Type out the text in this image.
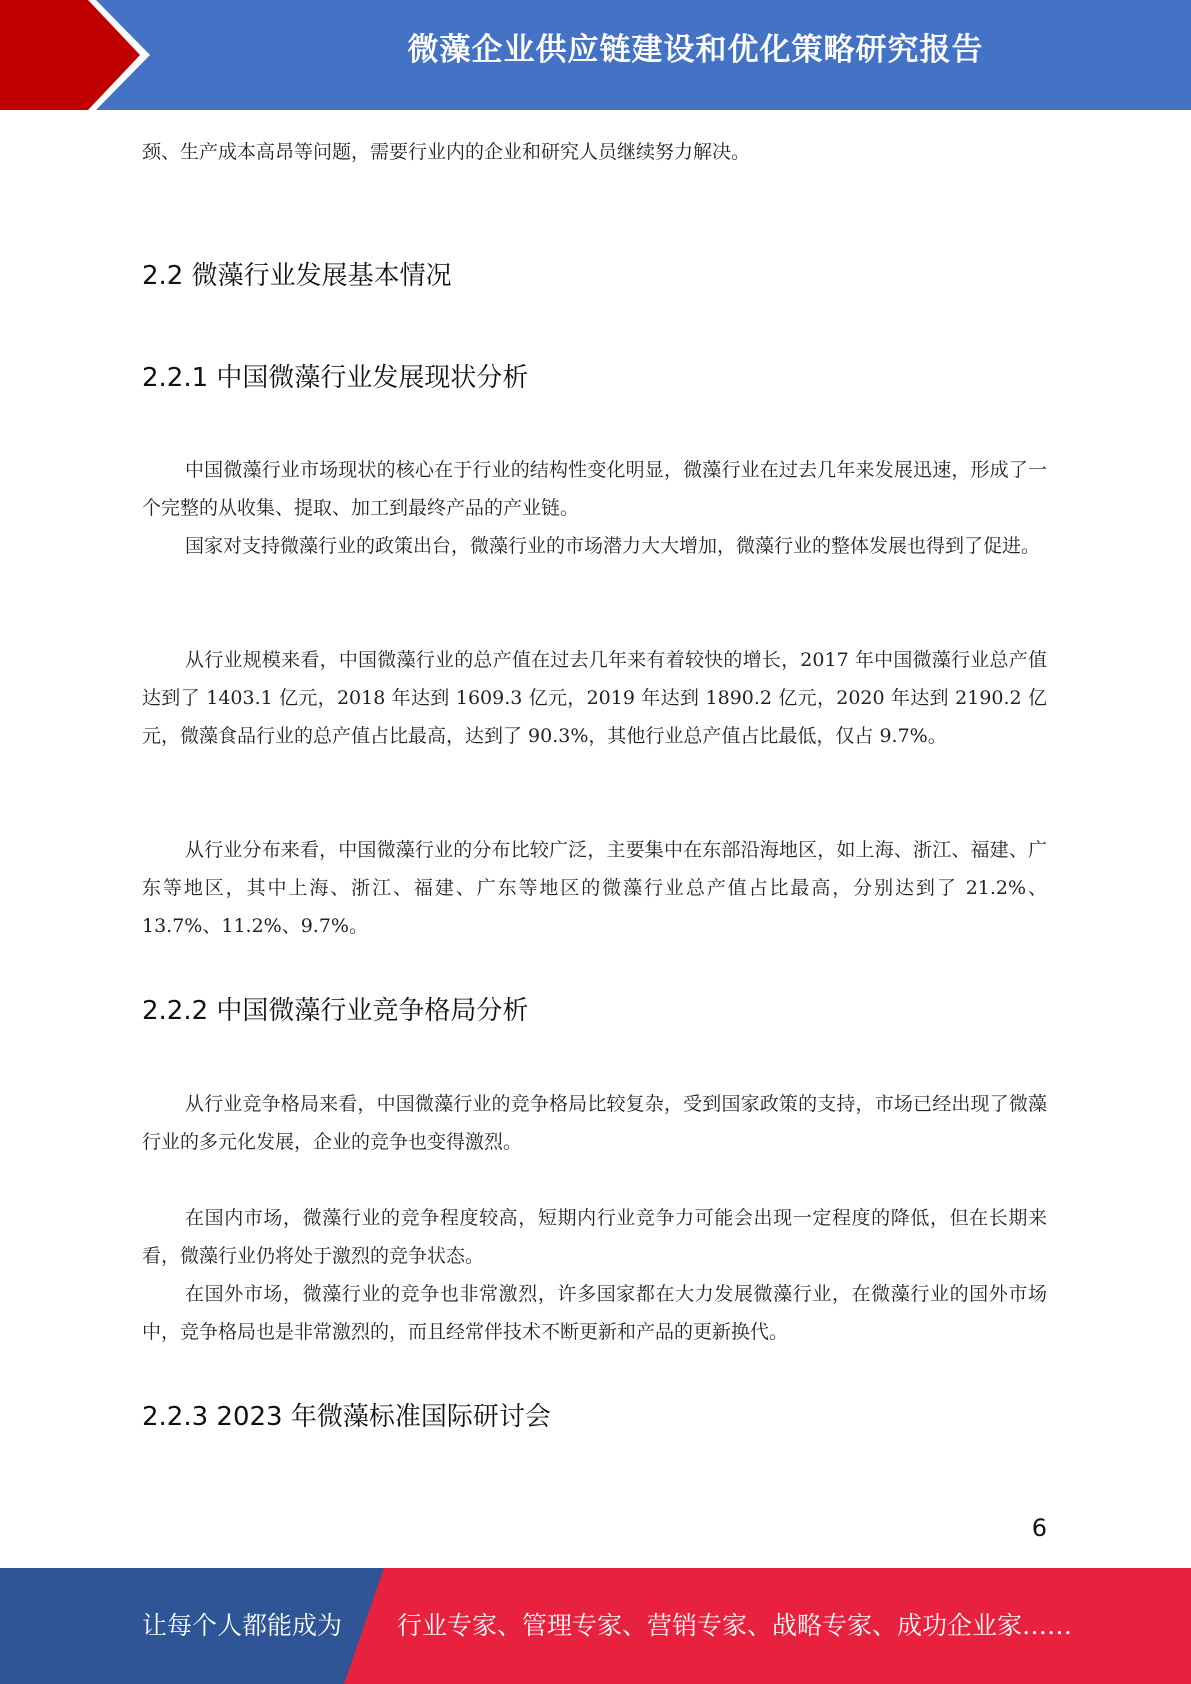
微藻企业供应链建设和优化策略研究报告

颈、生产成本高昂等问题，需要行业内的企业和研究人员继续努力解决。

2.2 微藻行业发展基本情况
2.2.1 中国微藻行业发展现状分析

中国微藻行业市场现状的核心在于行业的结构性变化明显，微藻行业在过去几年来发展迅速，形成了一个完整的从收集、提取、加工到最终产品的产业链。

国家对支持微藻行业的政策出台，微藻行业的市场潜力大大增加，微藻行业的整体发展也得到了促进。

从行业规模来看，中国微藻行业的总产值在过去几年来有着较快的增长，2017 年中国微藻行业总产值达到了 1403.1 亿元，2018 年达到 1609.3 亿元，2019 年达到 1890.2 亿元，2020 年达到 2190.2 亿元，微藻食品行业的总产值占比最高，达到了 90.3%，其他行业总产值占比最低，仅占 9.7%。

从行业分布来看，中国微藻行业的分布比较广泛，主要集中在东部沿海地区，如上海、浙江、福建、广东等地区，其中上海、浙江、福建、广东等地区的微藻行业总产值占比最高，分别达到了 21.2%、13.7%、11.2%、9.7%。

2.2.2 中国微藻行业竞争格局分析

从行业竞争格局来看，中国微藻行业的竞争格局比较复杂，受到国家政策的支持，市场已经出现了微藻行业的多元化发展，企业的竞争也变得激烈。

在国内市场，微藻行业的竞争程度较高，短期内行业竞争力可能会出现一定程度的降低，但在长期来看，微藻行业仍将处于激烈的竞争状态。

在国外市场，微藻行业的竞争也非常激烈，许多国家都在大力发展微藻行业，在微藻行业的国外市场中，竞争格局也是非常激烈的，而且经常伴技术不断更新和产品的更新换代。

2.2.3 2023 年微藻标准国际研讨会
6
让每个人都能成为 行业专家、管理专家、营销专家、战略专家、成功企业家……
